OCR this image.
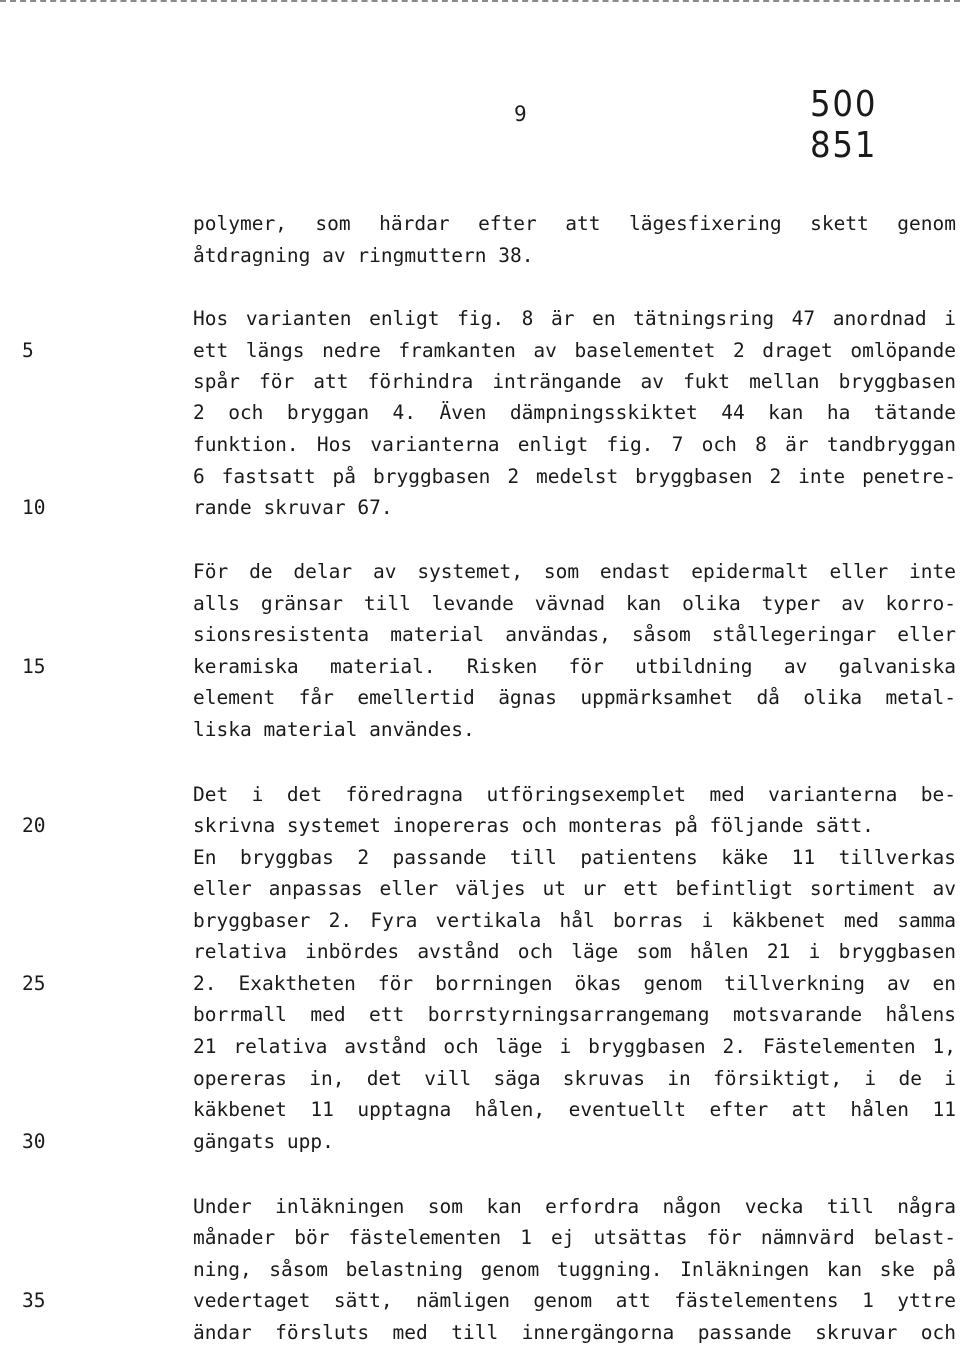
9	500 851
polymer, som härdar efter att lägesfixering skett genom
åtdragning av ringmuttern 38.
Hos varianten enligt fig. 8 är en tätningsring 47 anordnad i
ett längs nedre framkanten av baselementet 2 draget omlöpande
spår för att förhindra inträngande av fukt mellan bryggbasen
2 och bryggan 4. Även dämpningsskiktet 44 kan ha tätande
funktion. Hos varianterna enligt fig. 7 och 8 är tandbryggan
6 fastsatt på bryggbasen 2 medelst bryggbasen 2 inte penetre-
rande skruvar 67.
För de delar av systemet, som endast epidermalt eller inte
alls gränsar till levande vävnad kan olika typer av korro-
sionsresistenta material användas, såsom stållegeringar eller
keramiska material. Risken för utbildning av galvaniska
element får emellertid ägnas uppmärksamhet då olika metal-
liska material användes.
Det i det föredragna utföringsexemplet med varianterna be-
skrivna systemet inopereras och monteras på följande sätt.
En bryggbas 2 passande till patientens käke 11 tillverkas
eller anpassas eller väljes ut ur ett befintligt sortiment av
bryggbaser 2. Fyra vertikala hål borras i käkbenet med samma
relativa inbördes avstånd och läge som hålen 21 i bryggbasen
2. Exaktheten för borrningen ökas genom tillverkning av en
borrmall med ett borrstyrningsarrangemang motsvarande hålens
21 relativa avstånd och läge i bryggbasen 2. Fästelementen 1,
opereras in, det vill säga skruvas in försiktigt, i de i
käkbenet 11 upptagna hålen, eventuellt efter att hålen 11
gängats upp.
Under inläkningen som kan erfordra någon vecka till några
månader bör fästelementen 1 ej utsättas för nämnvärd belast-
ning, såsom belastning genom tuggning. Inläkningen kan ske på
vedertaget sätt, nämligen genom att fästelementens 1 yttre
ändar försluts med till innergängorna passande skruvar och
5
10
15
20
25
30
35
